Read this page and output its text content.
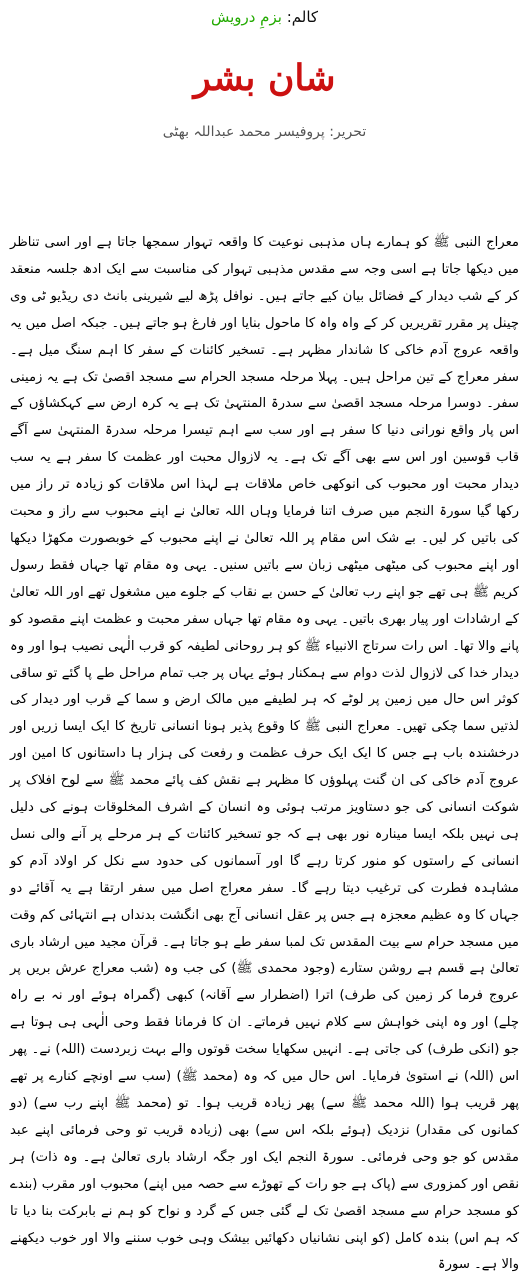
کالم: بزمِ درویش
شان بشر
تحریر: پروفیسر محمد عبداللہ بھٹی

معراج النبی ﷺ کو ہمارے ہاں مذہبی نوعیت کا واقعہ تہوار سمجھا جاتا ہے اور اسی تناظر میں دیکھا جاتا ہے اسی وجہ سے مقدس مذہبی تہوار کی مناسبت سے ایک ادھ جلسہ منعقد کر کے شب دیدار کے فضائل بیان کیے جاتے ہیں۔ نوافل پڑھ لیے شیرینی بانٹ دی ریڈیو ٹی وی چینل پر مقرر تقریریں کر کے واہ واہ کا ماحول بنایا اور فارغ ہو جاتے ہیں۔ جبکہ اصل میں یہ واقعہ عروج آدم خاکی کا شاندار مظہر ہے۔ تسخیر کائنات کے سفر کا اہم سنگ میل ہے۔ سفر معراج کے تین مراحل ہیں۔ پہلا مرحلہ مسجد الحرام سے مسجد اقصیٰ تک ہے یہ زمینی سفر۔ دوسرا مرحلہ مسجد اقصیٰ سے سدرۃ المنتہیٰ تک ہے یہ کرہ ارض سے کہکشاؤں کے اس پار واقع نورانی دنیا کا سفر ہے اور سب سے اہم تیسرا مرحلہ سدرۃ المنتہیٰ سے آگے قاب قوسین اور اس سے بھی آگے تک ہے۔ یہ لازوال محبت اور عظمت کا سفر ہے یہ سب دیدار محبت اور محبوب کی انوکھی خاص ملاقات ہے لہذا اس ملاقات کو زیادہ تر راز میں رکھا گیا سورۃ النجم میں صرف اتنا فرمایا وہاں اللہ تعالیٰ نے اپنے محبوب سے راز و محبت کی باتیں کر لیں۔ بے شک اس مقام پر اللہ تعالیٰ نے اپنے محبوب کے خوبصورت مکھڑا دیکھا اور اپنے محبوب کی میٹھی میٹھی زبان سے باتیں سنیں۔ یہی وہ مقام تھا جہاں فقط رسول کریم ﷺ ہی تھے جو اپنے رب تعالیٰ کے حسن بے نقاب کے جلوے میں مشغول تھے اور اللہ تعالیٰ کے ارشادات اور پیار بھری باتیں۔ یہی وہ مقام تھا جہاں سفر محبت و عظمت اپنے مقصود کو پانے والا تھا۔ اس رات سرتاج الانبیاء ﷺ کو ہر روحانی لطیفہ کو قرب الٰہی نصیب ہوا اور وہ دیدار خدا کی لازوال لذت دوام سے ہمکنار ہوئے یہاں پر جب تمام مراحل طے پا گئے تو ساقی کوثر اس حال میں زمین پر لوٹے کہ ہر لطیفے میں مالک ارض و سما کے قرب اور دیدار کی لذتیں سما چکی تھیں۔ معراج النبی ﷺ کا وقوع پذیر ہونا انسانی تاریخ کا ایک ایسا زریں اور درخشندہ باب ہے جس کا ایک ایک حرف عظمت و رفعت کی ہزار ہا داستانوں کا امین اور عروج آدم خاکی کی ان گنت پہلوؤں کا مظہر ہے نقش کف پائے محمد ﷺ سے لوح افلاک پر شوکت انسانی کی جو دستاویز مرتب ہوئی وہ انسان کے اشرف المخلوقات ہونے کی دلیل ہی نہیں بلکہ ایسا مینارہ نور بھی ہے کہ جو تسخیر کائنات کے ہر مرحلے پر آنے والی نسل انسانی کے راستوں کو منور کرتا رہے گا اور آسمانوں کی حدود سے نکل کر اولاد آدم کو مشاہدہ فطرت کی ترغیب دیتا رہے گا۔ سفر معراج اصل میں سفر ارتقا ہے یہ آقائے دو جہاں کا وہ عظیم معجزہ ہے جس پر عقل انسانی آج بھی انگشت بدنداں ہے انتہائی کم وقت میں مسجد حرام سے بیت المقدس تک لمبا سفر طے ہو جاتا ہے۔ قرآن مجید میں ارشاد باری تعالیٰ ہے قسم ہے روشن ستارے (وجود محمدی ﷺ) کی جب وہ (شب معراج عرش بریں پر عروج فرما کر زمین کی طرف) اترا (اضطرار سے آقانہ) کبھی (گمراہ ہوئے اور نہ بے راہ چلے) اور وہ اپنی خواہش سے کلام نہیں فرماتے۔ ان کا فرمانا فقط وحی الٰہی ہی ہوتا ہے جو (انکی طرف) کی جاتی ہے۔ انہیں سکھایا سخت قوتوں والے بہت زبردست (اللہ) نے۔ پھر اس (اللہ) نے استویٰ فرمایا۔ اس حال میں کہ وہ (محمد ﷺ) (سب سے اونچے کنارے پر تھے پھر قریب ہوا (اللہ محمد ﷺ سے) پھر زیادہ قریب ہوا۔ تو (محمد ﷺ اپنے رب سے) (دو کمانوں کی مقدار) نزدیک (ہوئے بلکہ اس سے) بھی (زیادہ قریب تو وحی فرمائی اپنے عبد مقدس کو جو وحی فرمائی۔ سورۃ النجم ایک اور جگہ ارشاد باری تعالیٰ ہے۔ وہ ذات) ہر نقص اور کمزوری سے (پاک ہے جو رات کے تھوڑے سے حصہ میں اپنے) محبوب اور مقرب (بندے کو مسجد حرام سے مسجد اقصیٰ تک لے گئی جس کے گرد و نواح کو ہم نے بابرکت بنا دیا تا کہ ہم اس) بندہ کامل (کو اپنی نشانیاں دکھائیں بیشک وہی خوب سننے والا اور خوب دیکھنے والا ہے۔ سورۃ
